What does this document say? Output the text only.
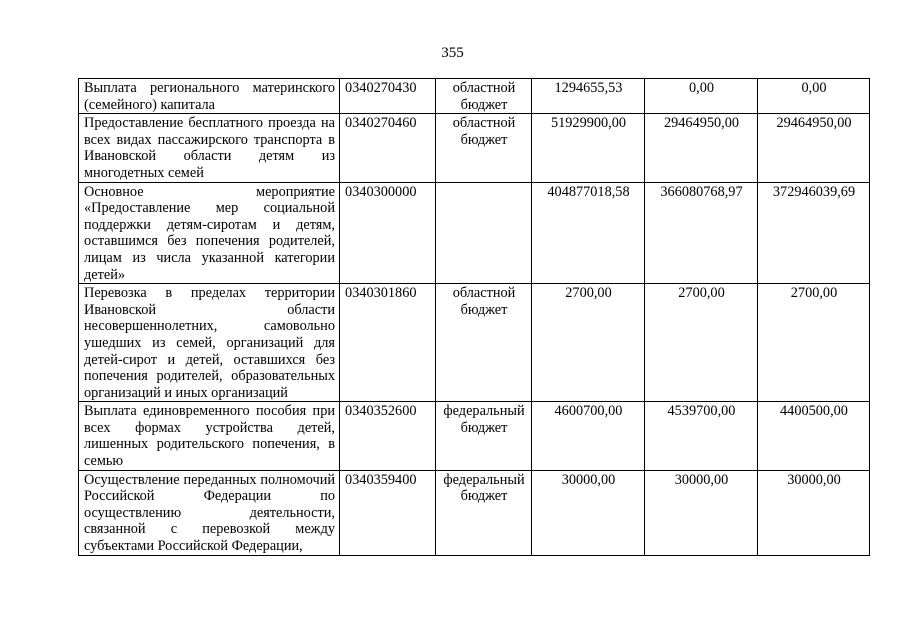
355
Выплата регионального материнского (семейного) капитала	0340270430	областной бюджет	1294655,53	0,00	0,00
Предоставление бесплатного проезда на всех видах пассажирского транспорта в Ивановской области детям из многодетных семей	0340270460	областной бюджет	51929900,00	29464950,00	29464950,00
Основное мероприятие «Предоставление мер социальной поддержки детям-сиротам и детям, оставшимся без попечения родителей, лицам из числа указанной категории детей»	0340300000		404877018,58	366080768,97	372946039,69
Перевозка в пределах территории Ивановской области несовершеннолетних, самовольно ушедших из семей, организаций для детей-сирот и детей, оставшихся без попечения родителей, образовательных организаций и иных организаций	0340301860	областной бюджет	2700,00	2700,00	2700,00
Выплата единовременного пособия при всех формах устройства детей, лишенных родительского попечения, в семью	0340352600	федеральный бюджет	4600700,00	4539700,00	4400500,00
Осуществление переданных полномочий Российской Федерации по осуществлению деятельности, связанной с перевозкой между субъектами Российской Федерации,	0340359400	федеральный бюджет	30000,00	30000,00	30000,00
